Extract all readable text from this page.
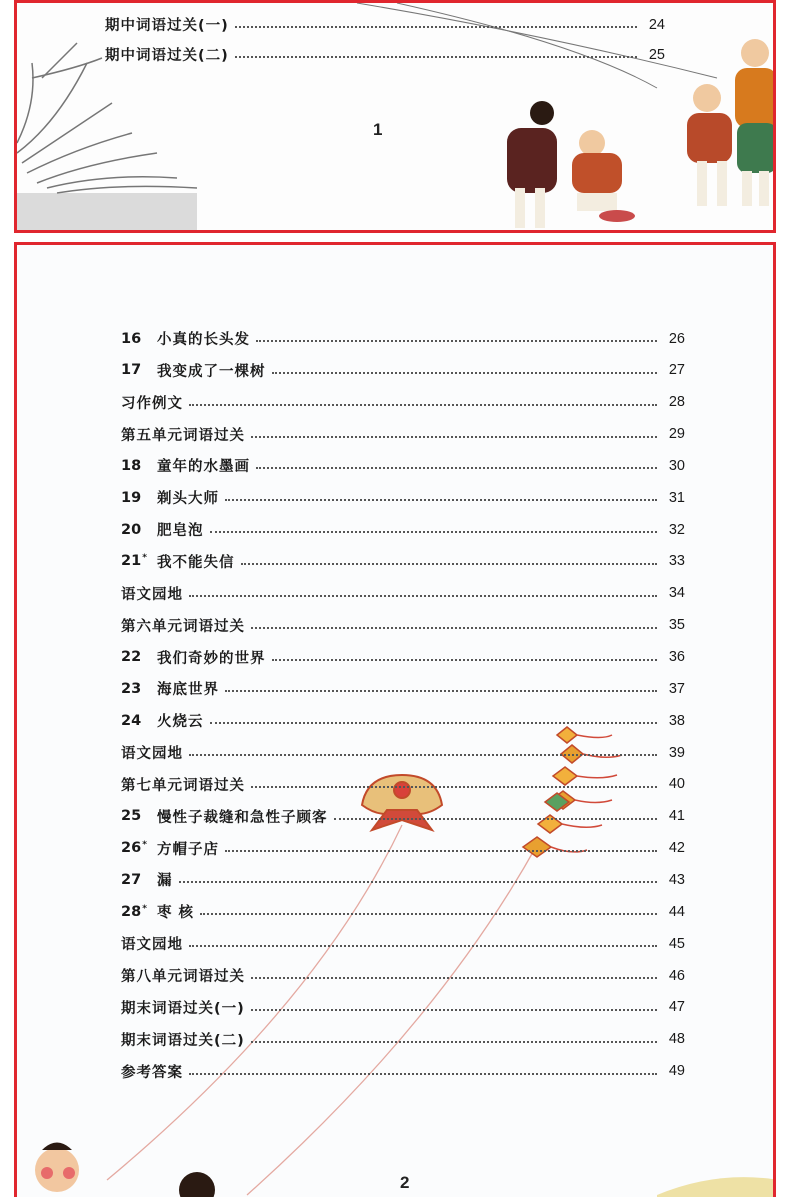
期中词语过关(一)	24
期中词语过关(二)	25
1
16	小真的长头发	26
17	我变成了一棵树	27
习作例文	28
第五单元词语过关	29
18	童年的水墨画	30
19	剃头大师	31
20	肥皂泡	32
21* 我不能失信	33
语文园地	34
第六单元词语过关	35
22	我们奇妙的世界	36
23	海底世界	37
24	火烧云	38
语文园地	39
第七单元词语过关	40
25	慢性子裁缝和急性子顾客	41
26* 方帽子店	42
27	漏	43
28* 枣 核	44
语文园地	45
第八单元词语过关	46
期末词语过关(一)	47
期末词语过关(二)	48
参考答案	49
2
